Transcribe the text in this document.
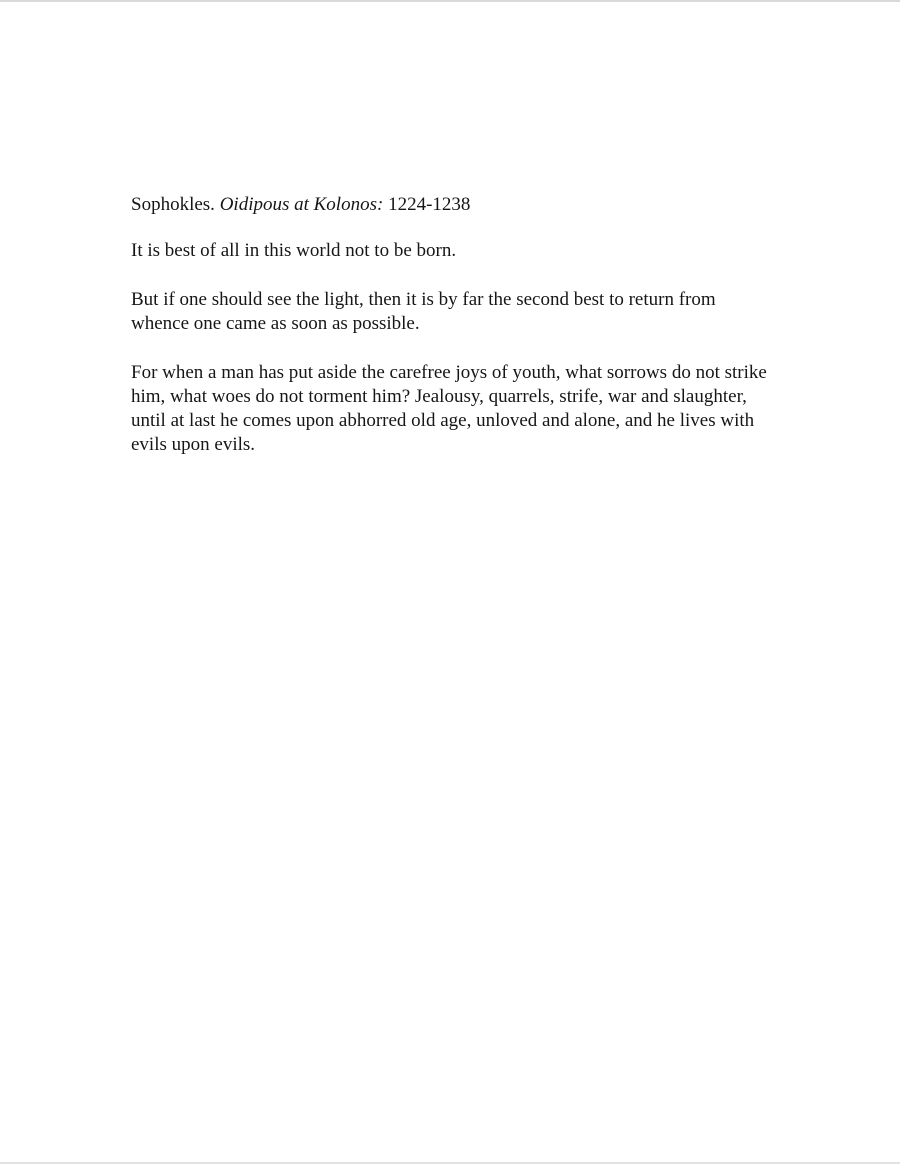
Sophokles. Oidipous at Kolonos: 1224-1238

It is best of all in this world not to be born.

But if one should see the light, then it is by far the second best to return from whence one came as soon as possible.

For when a man has put aside the carefree joys of youth, what sorrows do not strike him, what woes do not torment him? Jealousy, quarrels, strife, war and slaughter, until at last he comes upon abhorred old age, unloved and alone, and he lives with evils upon evils.
